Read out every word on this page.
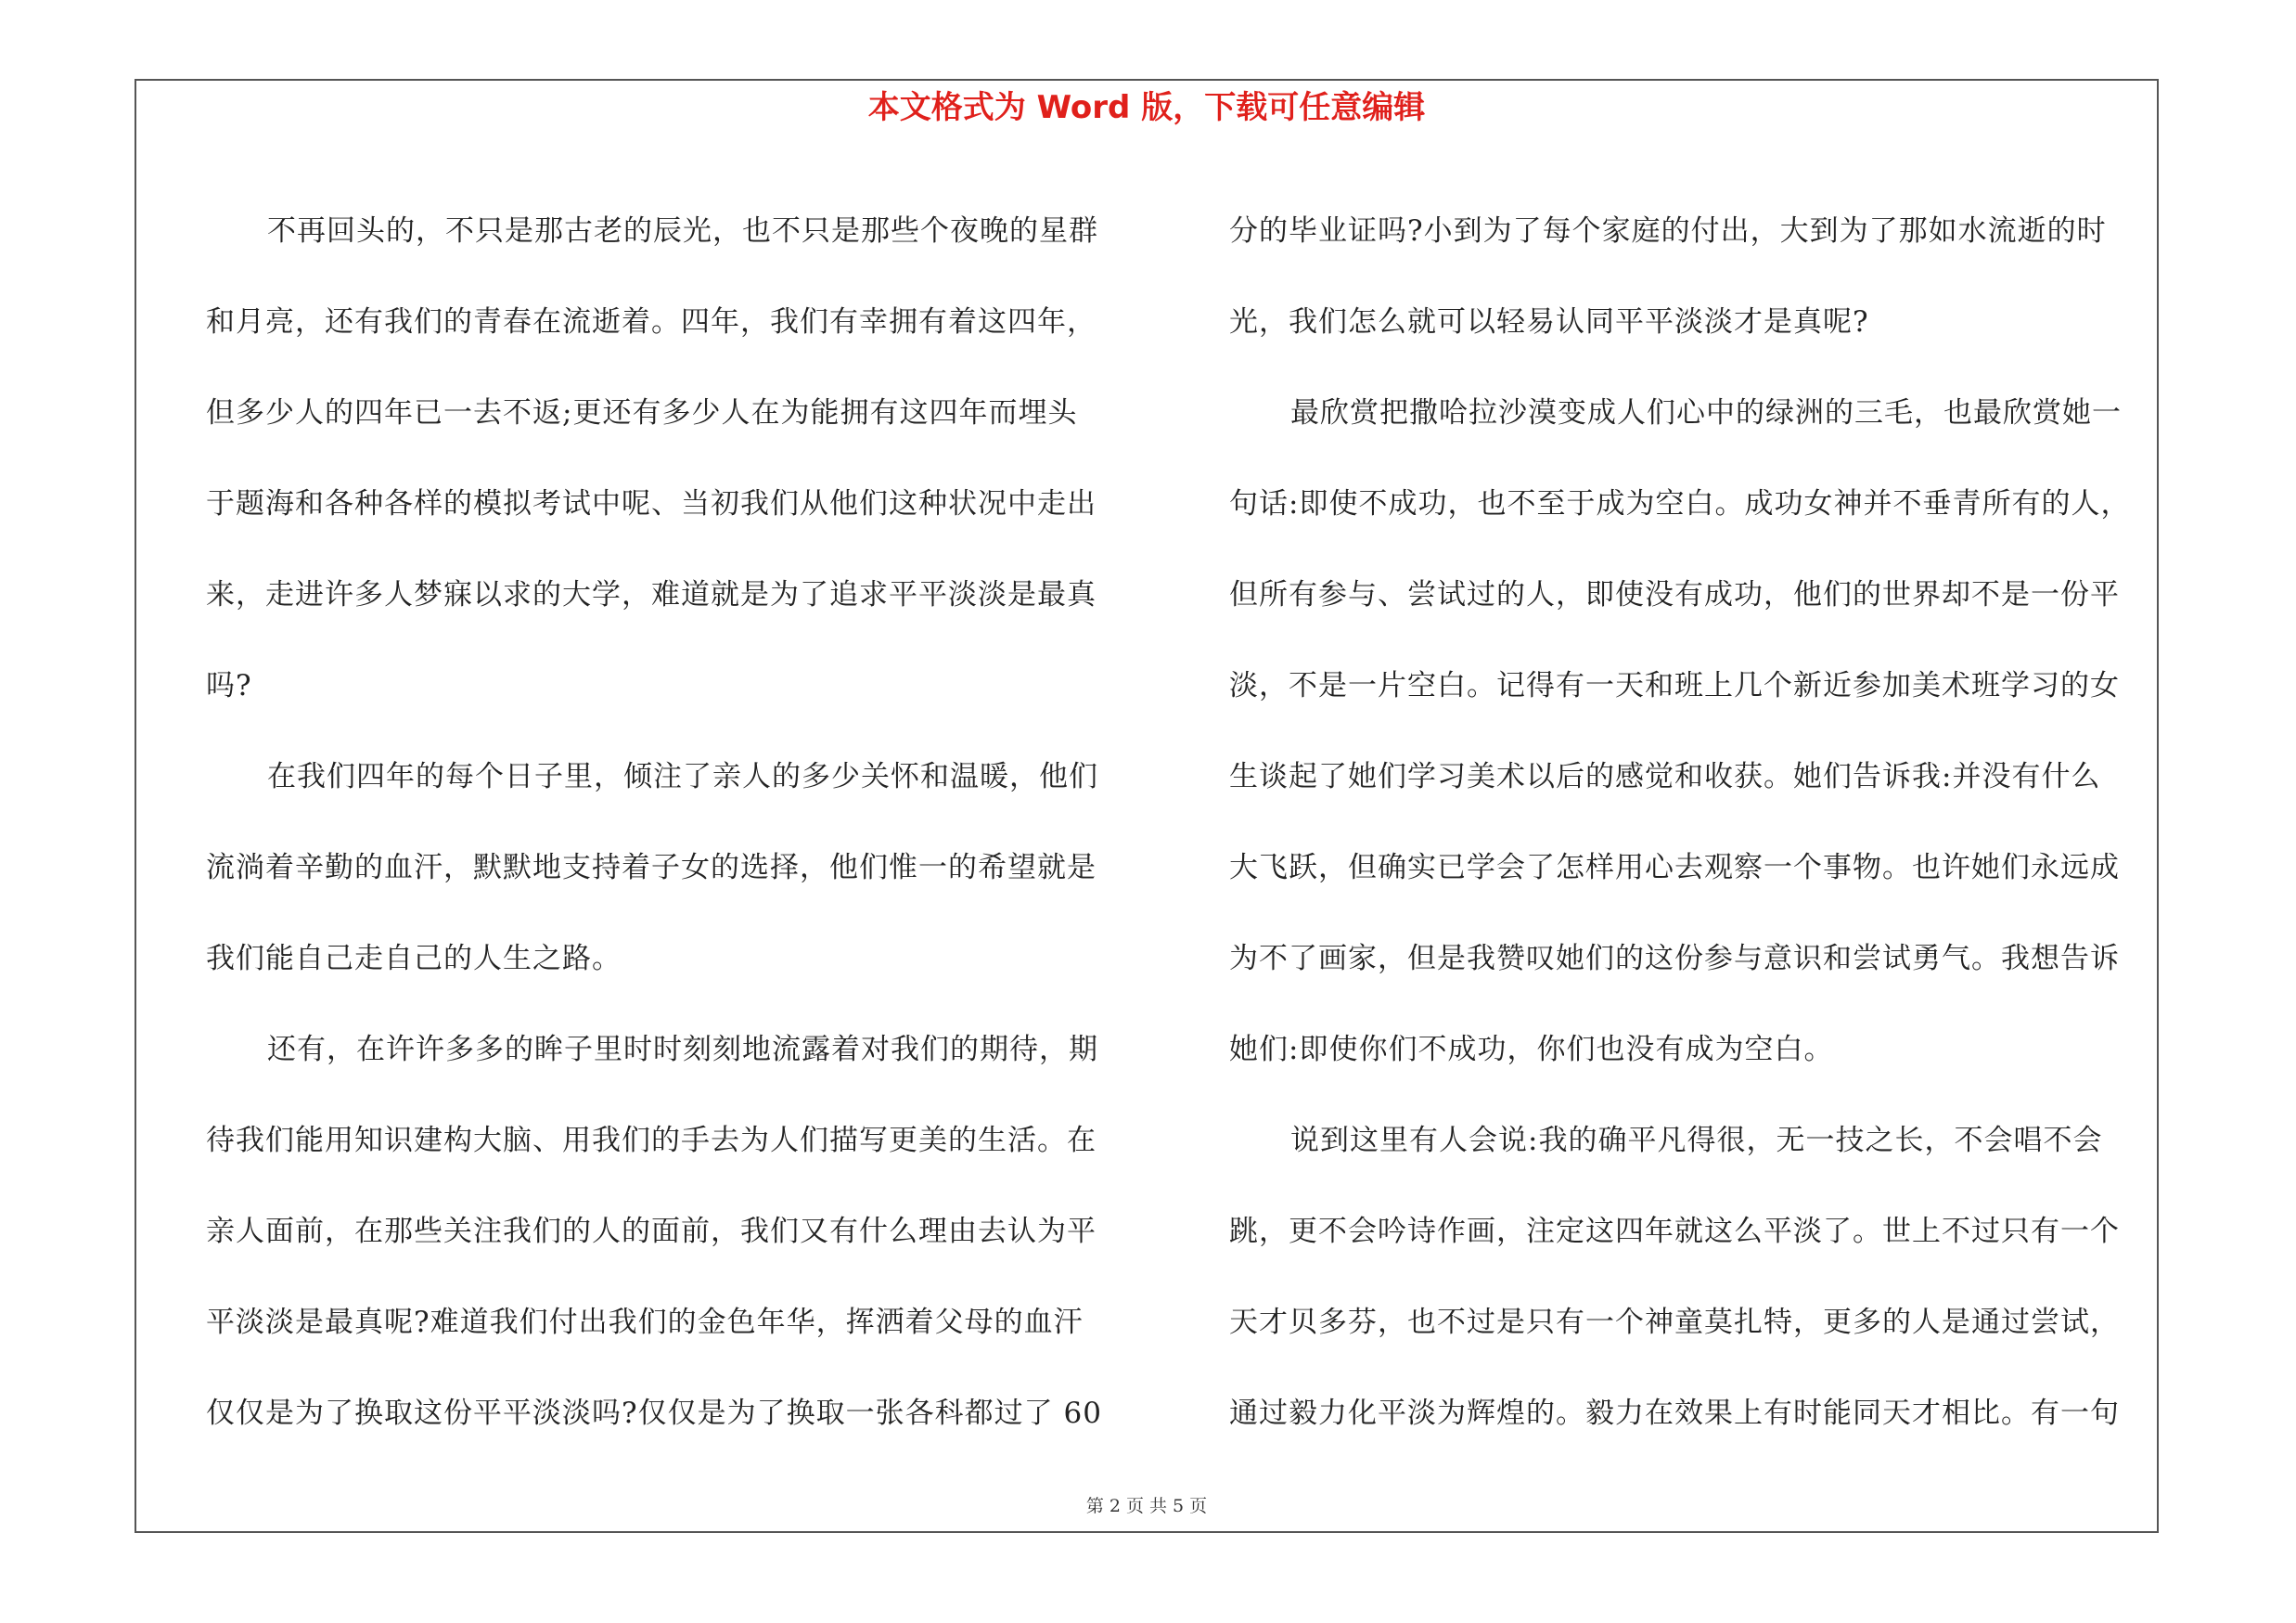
本文格式为 Word 版，下载可任意编辑

不再回头的，不只是那古老的辰光，也不只是那些个夜晚的星群

和月亮，还有我们的青春在流逝着。四年，我们有幸拥有着这四年，

但多少人的四年已一去不返;更还有多少人在为能拥有这四年而埋头

于题海和各种各样的模拟考试中呢、当初我们从他们这种状况中走出

来，走进许多人梦寐以求的大学，难道就是为了追求平平淡淡是最真

吗?

在我们四年的每个日子里，倾注了亲人的多少关怀和温暖，他们

流淌着辛勤的血汗，默默地支持着子女的选择，他们惟一的希望就是

我们能自己走自己的人生之路。

还有，在许许多多的眸子里时时刻刻地流露着对我们的期待，期

待我们能用知识建构大脑、用我们的手去为人们描写更美的生活。在

亲人面前，在那些关注我们的人的面前，我们又有什么理由去认为平

平淡淡是最真呢?难道我们付出我们的金色年华，挥洒着父母的血汗

仅仅是为了换取这份平平淡淡吗?仅仅是为了换取一张各科都过了 60

分的毕业证吗?小到为了每个家庭的付出，大到为了那如水流逝的时

光，我们怎么就可以轻易认同平平淡淡才是真呢?

最欣赏把撒哈拉沙漠变成人们心中的绿洲的三毛，也最欣赏她一

句话:即使不成功，也不至于成为空白。成功女神并不垂青所有的人，

但所有参与、尝试过的人，即使没有成功，他们的世界却不是一份平

淡，不是一片空白。记得有一天和班上几个新近参加美术班学习的女

生谈起了她们学习美术以后的感觉和收获。她们告诉我:并没有什么

大飞跃，但确实已学会了怎样用心去观察一个事物。也许她们永远成

为不了画家，但是我赞叹她们的这份参与意识和尝试勇气。我想告诉

她们:即使你们不成功，你们也没有成为空白。

说到这里有人会说:我的确平凡得很，无一技之长，不会唱不会

跳，更不会吟诗作画，注定这四年就这么平淡了。世上不过只有一个

天才贝多芬，也不过是只有一个神童莫扎特，更多的人是通过尝试，

通过毅力化平淡为辉煌的。毅力在效果上有时能同天才相比。有一句

第 2 页 共 5 页
